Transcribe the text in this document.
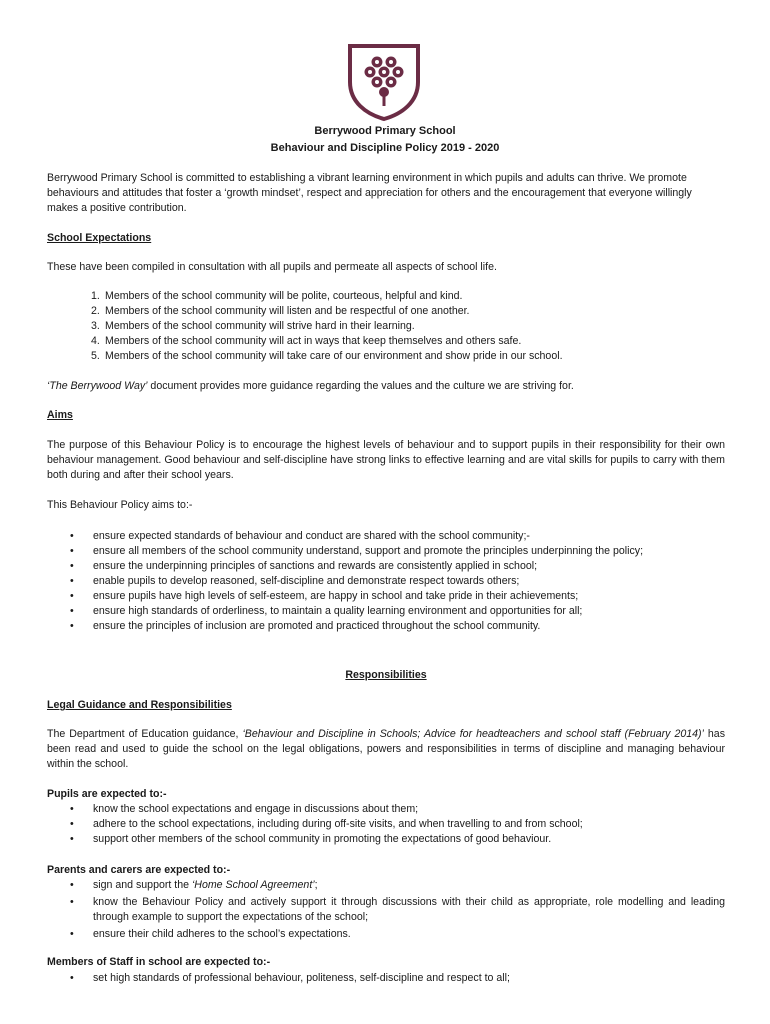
Berrywood Primary School
Behaviour and Discipline Policy 2019 - 2020

Berrywood Primary School is committed to establishing a vibrant learning environment in which pupils and adults can thrive. We promote behaviours and attitudes that foster a ‘growth mindset’, respect and appreciation for others and the encouragement that everyone willingly makes a positive contribution.

School Expectations

These have been compiled in consultation with all pupils and permeate all aspects of school life.

1. Members of the school community will be polite, courteous, helpful and kind.
2. Members of the school community will listen and be respectful of one another.
3. Members of the school community will strive hard in their learning.
4. Members of the school community will act in ways that keep themselves and others safe.
5. Members of the school community will take care of our environment and show pride in our school.

‘The Berrywood Way’ document provides more guidance regarding the values and the culture we are striving for.

Aims

The purpose of this Behaviour Policy is to encourage the highest levels of behaviour and to support pupils in their responsibility for their own behaviour management. Good behaviour and self-discipline have strong links to effective learning and are vital skills for pupils to carry with them both during and after their school years.

This Behaviour Policy aims to:-

• ensure expected standards of behaviour and conduct are shared with the school community;-
• ensure all members of the school community understand, support and promote the principles underpinning the policy;
• ensure the underpinning principles of sanctions and rewards are consistently applied in school;
• enable pupils to develop reasoned, self-discipline and demonstrate respect towards others;
• ensure pupils have high levels of self-esteem, are happy in school and take pride in their achievements;
• ensure high standards of orderliness, to maintain a quality learning environment and opportunities for all;
• ensure the principles of inclusion are promoted and practiced throughout the school community.

Responsibilities

Legal Guidance and Responsibilities

The Department of Education guidance, ‘Behaviour and Discipline in Schools; Advice for headteachers and school staff (February 2014)’ has been read and used to guide the school on the legal obligations, powers and responsibilities in terms of discipline and managing behaviour within the school.

Pupils are expected to:-

• know the school expectations and engage in discussions about them;
• adhere to the school expectations, including during off-site visits, and when travelling to and from school;
• support other members of the school community in promoting the expectations of good behaviour.

Parents and carers are expected to:-

• sign and support the ‘Home School Agreement’;
• know the Behaviour Policy and actively support it through discussions with their child as appropriate, role modelling and leading through example to support the expectations of the school;
• ensure their child adheres to the school’s expectations.

Members of Staff in school are expected to:-

• set high standards of professional behaviour, politeness, self-discipline and respect to all;
